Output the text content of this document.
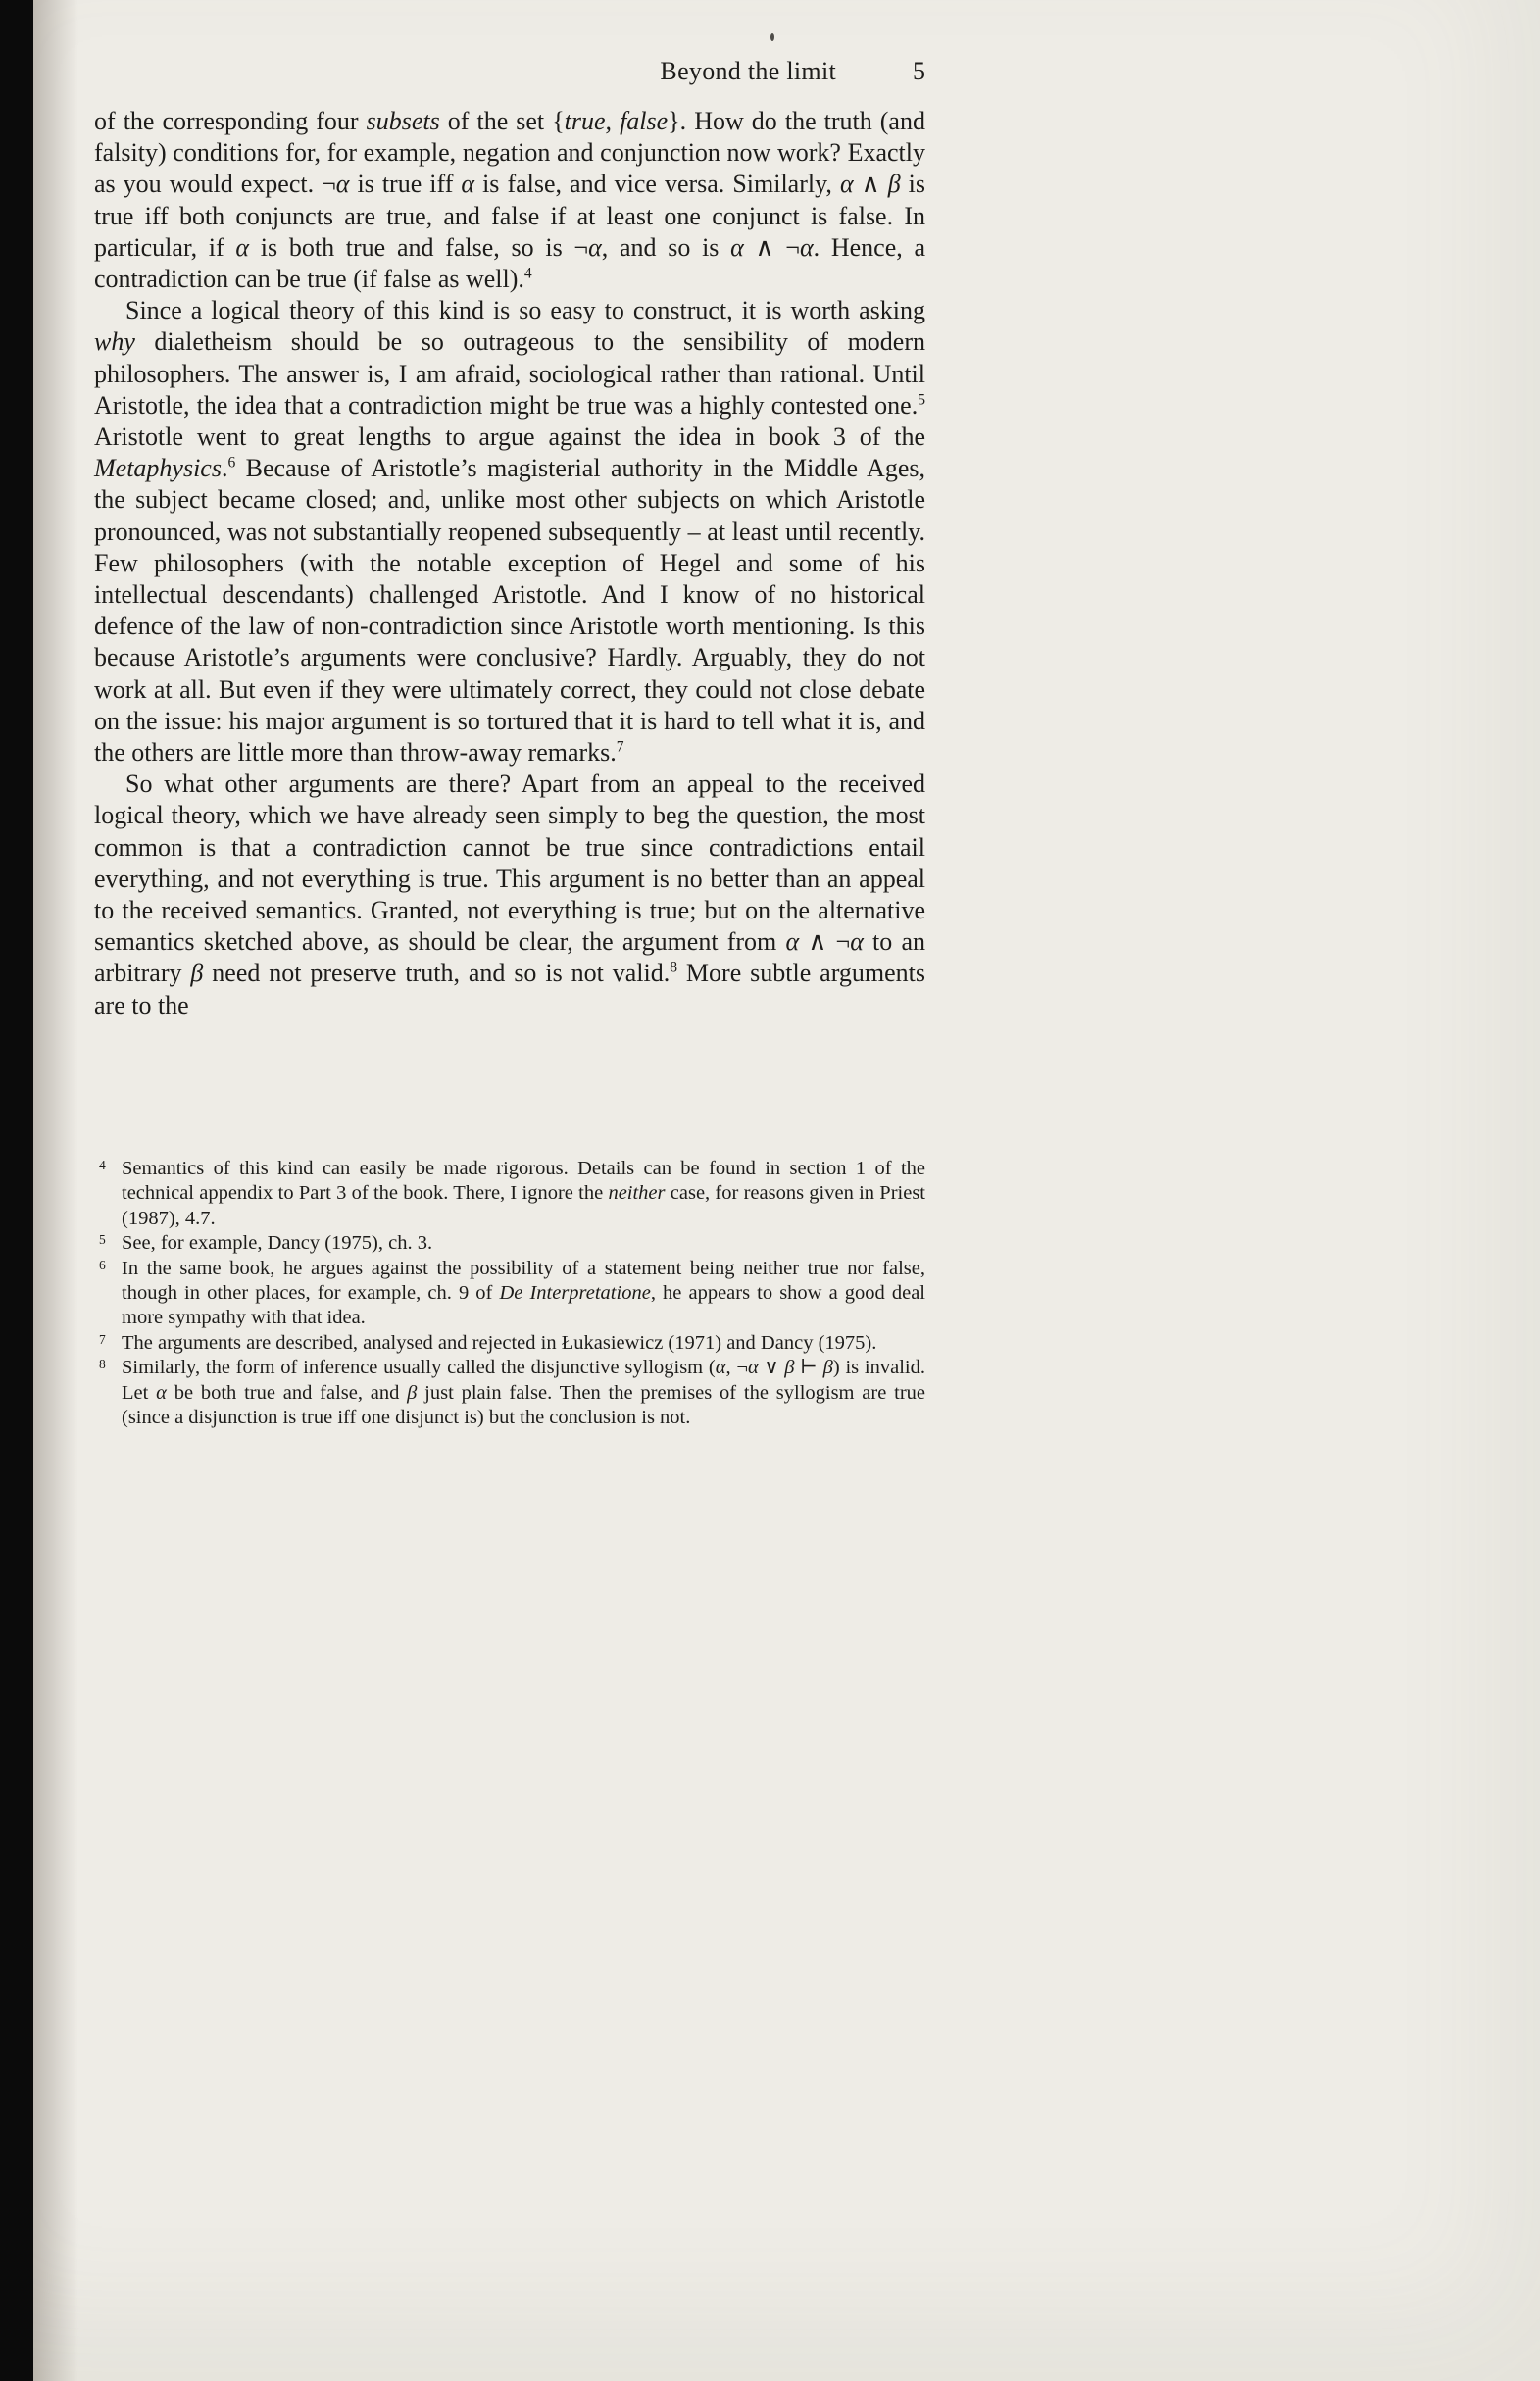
Beyond the limit	5

of the corresponding four subsets of the set {true, false}. How do the truth (and falsity) conditions for, for example, negation and conjunction now work? Exactly as you would expect. ¬α is true iff α is false, and vice versa. Similarly, α ∧ β is true iff both conjuncts are true, and false if at least one conjunct is false. In particular, if α is both true and false, so is ¬α, and so is α ∧ ¬α. Hence, a contradiction can be true (if false as well).$^4$

Since a logical theory of this kind is so easy to construct, it is worth asking why dialetheism should be so outrageous to the sensibility of modern philosophers. The answer is, I am afraid, sociological rather than rational. Until Aristotle, the idea that a contradiction might be true was a highly contested one.$^5$ Aristotle went to great lengths to argue against the idea in book 3 of the Metaphysics.$^6$ Because of Aristotle’s magisterial authority in the Middle Ages, the subject became closed; and, unlike most other subjects on which Aristotle pronounced, was not substantially reopened subsequently – at least until recently. Few philosophers (with the notable exception of Hegel and some of his intellectual descendants) challenged Aristotle. And I know of no historical defence of the law of non-contradiction since Aristotle worth mentioning. Is this because Aristotle’s arguments were conclusive? Hardly. Arguably, they do not work at all. But even if they were ultimately correct, they could not close debate on the issue: his major argument is so tortured that it is hard to tell what it is, and the others are little more than throw-away remarks.$^7$

So what other arguments are there? Apart from an appeal to the received logical theory, which we have already seen simply to beg the question, the most common is that a contradiction cannot be true since contradictions entail everything, and not everything is true. This argument is no better than an appeal to the received semantics. Granted, not everything is true; but on the alternative semantics sketched above, as should be clear, the argument from α ∧ ¬α to an arbitrary β need not preserve truth, and so is not valid.$^8$ More subtle arguments are to the

4 Semantics of this kind can easily be made rigorous. Details can be found in section 1 of the technical appendix to Part 3 of the book. There, I ignore the neither case, for reasons given in Priest (1987), 4.7.
5 See, for example, Dancy (1975), ch. 3.
6 In the same book, he argues against the possibility of a statement being neither true nor false, though in other places, for example, ch. 9 of De Interpretatione, he appears to show a good deal more sympathy with that idea.
7 The arguments are described, analysed and rejected in Łukasiewicz (1971) and Dancy (1975).
8 Similarly, the form of inference usually called the disjunctive syllogism (α, ¬α ∨ β ⊢ β) is invalid. Let α be both true and false, and β just plain false. Then the premises of the syllogism are true (since a disjunction is true iff one disjunct is) but the conclusion is not.
